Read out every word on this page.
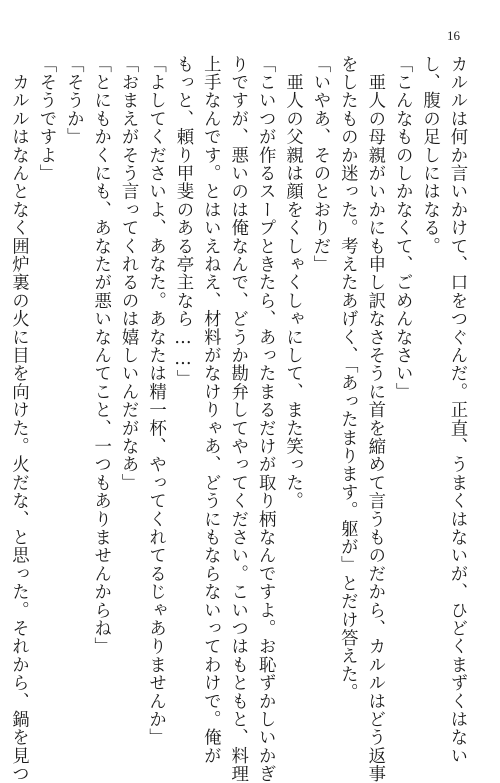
16
カルルは何か言いかけて、口をつぐんだ。正直、うまくはないが、ひどくまずくはない
し、腹の足しにはなる。
「こんなものしかなくて、ごめんなさい」
　亜人の母親がいかにも申し訳なさそうに首を縮めて言うものだから、カルルはどう返事
をしたものか迷った。考えたあげく、「あったまります。躯が」とだけ答えた。
「いやあ、そのとおりだ」
　亜人の父親は顔をくしゃくしゃにして、また笑った。
「こいつが作るスープときたら、あったまるだけが取り柄なんですよ。お恥ずかしいかぎ
りですが、悪いのは俺なんで、どうか勘弁してやってください。こいつはもともと、料理
上手なんです。とはいえねえ、材料がなけりゃあ、どうにもならないってわけで。俺が
もっと、頼り甲斐のある亭主なら……」
「よしてくださいよ、あなた。あなたは精一杯、やってくれてるじゃありませんか」
「おまえがそう言ってくれるのは嬉しいんだがなあ」
「とにもかくにも、あなたが悪いなんてこと、一つもありませんからね」
「そうか」
「そうですよ」
　カルルはなんとなく囲炉裏の火に目を向けた。火だな、と思った。それから、鍋を見つ
